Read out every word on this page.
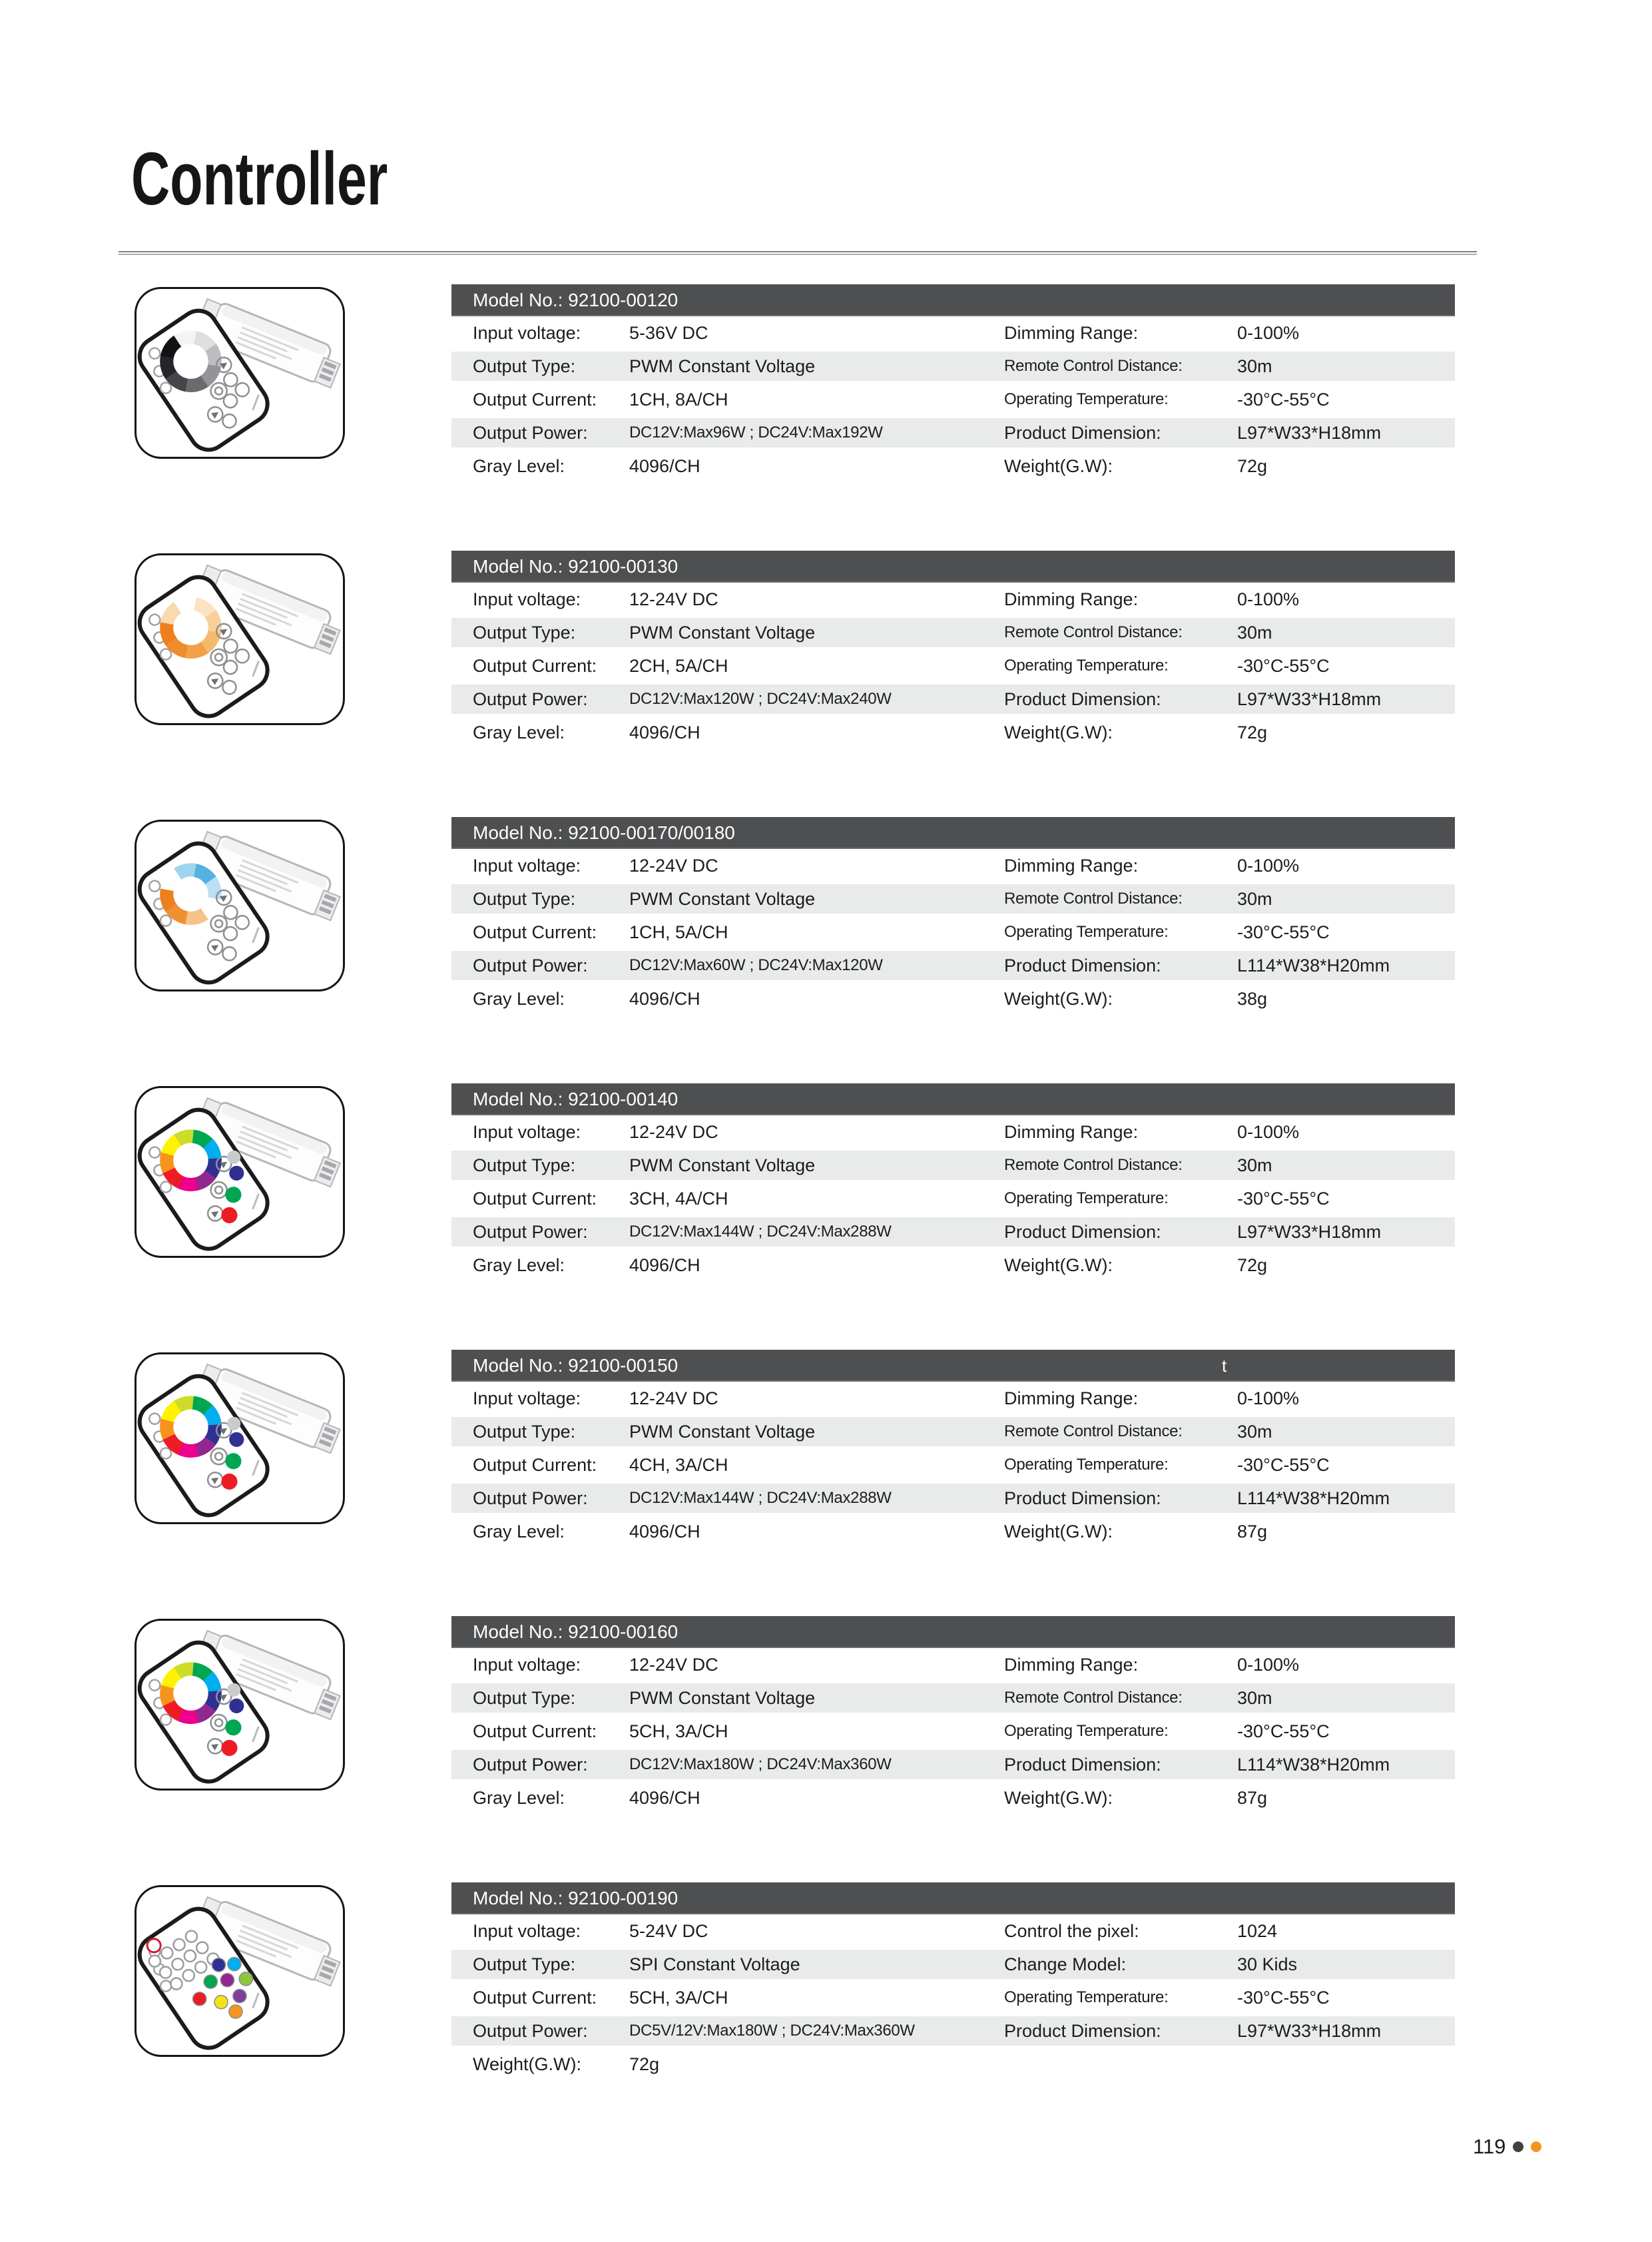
Controller
Model No.: 92100-00120
Input voltage:	5-36V DC	Dimming Range:	0-100%
Output Type:	PWM Constant Voltage	Remote Control Distance:	30m
Output Current: 1CH, 8A/CH	Operating Temperature:	-30°C-55°C
Output Power:	DC12V:Max96W ; DC24V:Max192W	Product Dimension:	L97*W33*H18mm
Gray Level:	4096/CH	Weight(G.W):	72g
Model No.: 92100-00130
Input voltage:	12-24V DC	Dimming Range:	0-100%
Output Type:	PWM Constant Voltage	Remote Control Distance:	30m
Output Current: 2CH, 5A/CH	Operating Temperature:	-30°C-55°C
Output Power:	DC12V:Max120W ; DC24V:Max240W	Product Dimension:	L97*W33*H18mm
Gray Level:	4096/CH	Weight(G.W):	72g
Model No.: 92100-00170/00180
Input voltage:	12-24V DC	Dimming Range:	0-100%
Output Type:	PWM Constant Voltage	Remote Control Distance:	30m
Output Current: 1CH, 5A/CH	Operating Temperature:	-30°C-55°C
Output Power:	DC12V:Max60W ; DC24V:Max120W	Product Dimension:	L114*W38*H20mm
Gray Level:	4096/CH	Weight(G.W):	38g
Model No.: 92100-00140
Input voltage:	12-24V DC	Dimming Range:	0-100%
Output Type:	PWM Constant Voltage	Remote Control Distance:	30m
Output Current: 3CH, 4A/CH	Operating Temperature:	-30°C-55°C
Output Power:	DC12V:Max144W ; DC24V:Max288W	Product Dimension:	L97*W33*H18mm
Gray Level:	4096/CH	Weight(G.W):	72g
Model No.: 92100-00150	t
Input voltage:	12-24V DC	Dimming Range:	0-100%
Output Type:	PWM Constant Voltage	Remote Control Distance:	30m
Output Current: 4CH, 3A/CH	Operating Temperature:	-30°C-55°C
Output Power:	DC12V:Max144W ; DC24V:Max288W	Product Dimension:	L114*W38*H20mm
Gray Level:	4096/CH	Weight(G.W):	87g
Model No.: 92100-00160
Input voltage:	12-24V DC	Dimming Range:	0-100%
Output Type:	PWM Constant Voltage	Remote Control Distance:	30m
Output Current: 5CH, 3A/CH	Operating Temperature:	-30°C-55°C
Output Power:	DC12V:Max180W ; DC24V:Max360W	Product Dimension:	L114*W38*H20mm
Gray Level:	4096/CH	Weight(G.W):	87g
Model No.: 92100-00190
Input voltage:	5-24V DC	Control the pixel:	1024
Output Type:	SPI Constant Voltage	Change Model:	30 Kids
Output Current: 5CH, 3A/CH	Operating Temperature:	-30°C-55°C
Output Power:	DC5V/12V:Max180W ; DC24V:Max360W	Product Dimension:	L97*W33*H18mm
Weight(G.W):	72g
119
